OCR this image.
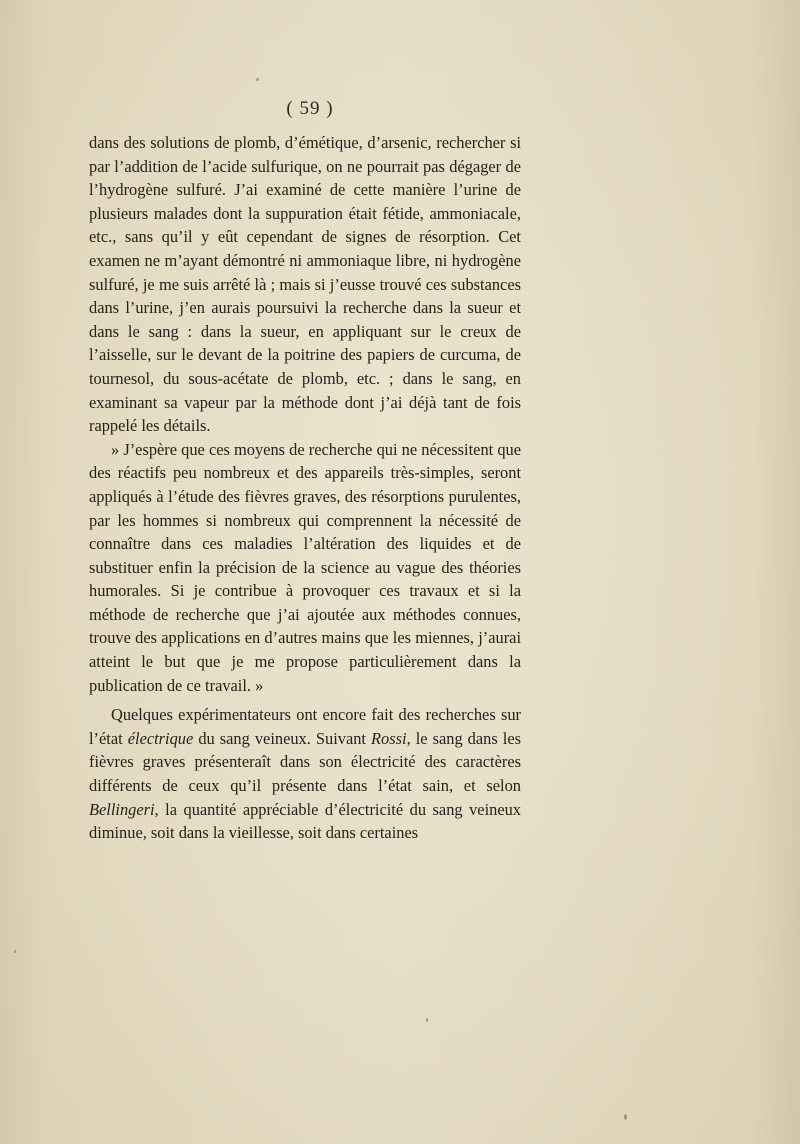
( 59 )

dans des solutions de plomb, d’émétique, d’arsenic, rechercher si par l’addition de l’acide sulfurique, on ne pourrait pas dégager de l’hydrogène sulfuré. J’ai examiné de cette manière l’urine de plusieurs malades dont la suppuration était fétide, ammoniacale, etc., sans qu’il y eût cependant de signes de résorption. Cet examen ne m’ayant démontré ni ammoniaque libre, ni hydrogène sulfuré, je me suis arrêté là ; mais si j’eusse trouvé ces substances dans l’urine, j’en aurais poursuivi la recherche dans la sueur et dans le sang : dans la sueur, en appliquant sur le creux de l’aisselle, sur le devant de la poitrine des papiers de curcuma, de tournesol, du sous-acétate de plomb, etc. ; dans le sang, en examinant sa vapeur par la méthode dont j’ai déjà tant de fois rappelé les détails.

» J’espère que ces moyens de recherche qui ne nécessitent que des réactifs peu nombreux et des appareils très-simples, seront appliqués à l’étude des fièvres graves, des résorptions purulentes, par les hommes si nombreux qui comprennent la nécessité de connaître dans ces maladies l’altération des liquides et de substituer enfin la précision de la science au vague des théories humorales. Si je contribue à provoquer ces travaux et si la méthode de recherche que j’ai ajoutée aux méthodes connues, trouve des applications en d’autres mains que les miennes, j’aurai atteint le but que je me propose particulièrement dans la publication de ce travail. »

Quelques expérimentateurs ont encore fait des recherches sur l’état électrique du sang veineux. Suivant Rossi, le sang dans les fièvres graves présenteraît dans son électricité des caractères différents de ceux qu’il présente dans l’état sain, et selon Bellingeri, la quantité appréciable d’électricité du sang veineux diminue, soit dans la vieillesse, soit dans certaines
